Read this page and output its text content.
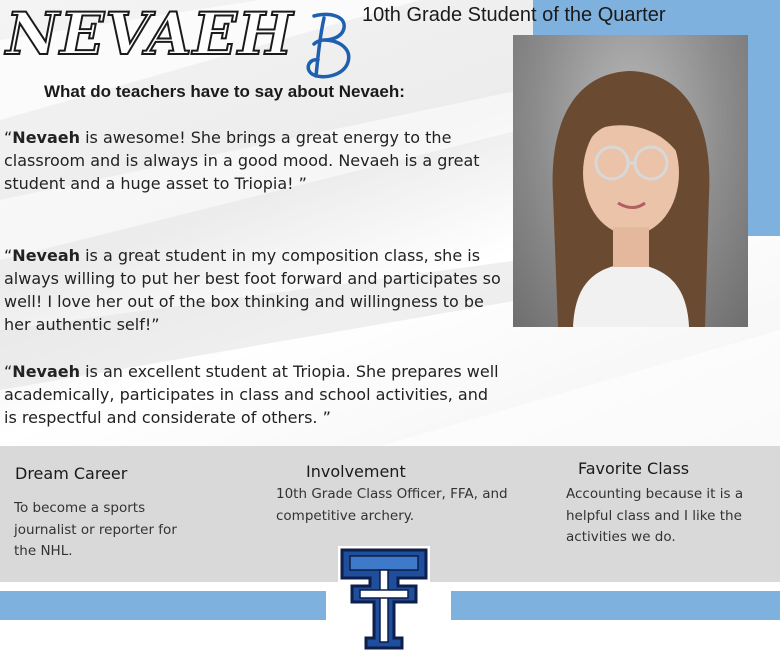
NEVAEH	10th Grade Student of the Quarter
What do teachers have to say about Nevaeh:
“Nevaeh is awesome! She brings a great energy to the classroom and is always in a good mood. Nevaeh is a great student and a huge asset to Triopia! ”
“Neveah is a great student in my composition class, she is always willing to put her best foot forward and participates so well! I love her out of the box thinking and willingness to be her authentic self!”
“Nevaeh is an excellent student at Triopia. She prepares well academically, participates in class and school activities, and is respectful and considerate of others. ”
Dream Career
To become a sports journalist or reporter for the NHL.
Involvement
10th Grade Class Officer, FFA, and competitive archery.
Favorite Class
Accounting because it is a helpful class and I like the activities we do.
